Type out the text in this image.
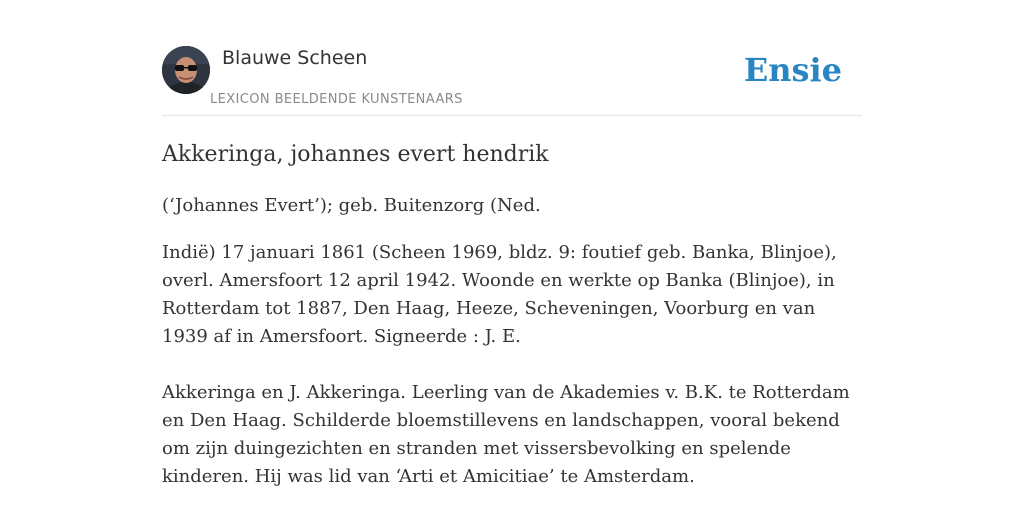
Blauwe Scheen
LEXICON BEELDENDE KUNSTENAARS
Ensie
Akkeringa, johannes evert hendrik
(‘Johannes Evert’); geb. Buitenzorg (Ned.

Indië) 17 januari 1861 (Scheen 1969, bldz. 9: foutief geb. Banka, Blinjoe), overl. Amersfoort 12 april 1942. Woonde en werkte op Banka (Blinjoe), in Rotterdam tot 1887, Den Haag, Heeze, Scheveningen, Voorburg en van 1939 af in Amersfoort. Signeerde : J. E.

Akkeringa en J. Akkeringa. Leerling van de Akademies v. B.K. te Rotterdam en Den Haag. Schilderde bloemstillevens en landschappen, vooral bekend om zijn duingezichten en stranden met vissersbevolking en spelende kinderen. Hij was lid van ‘Arti et Amicitiae’ te Amsterdam.
